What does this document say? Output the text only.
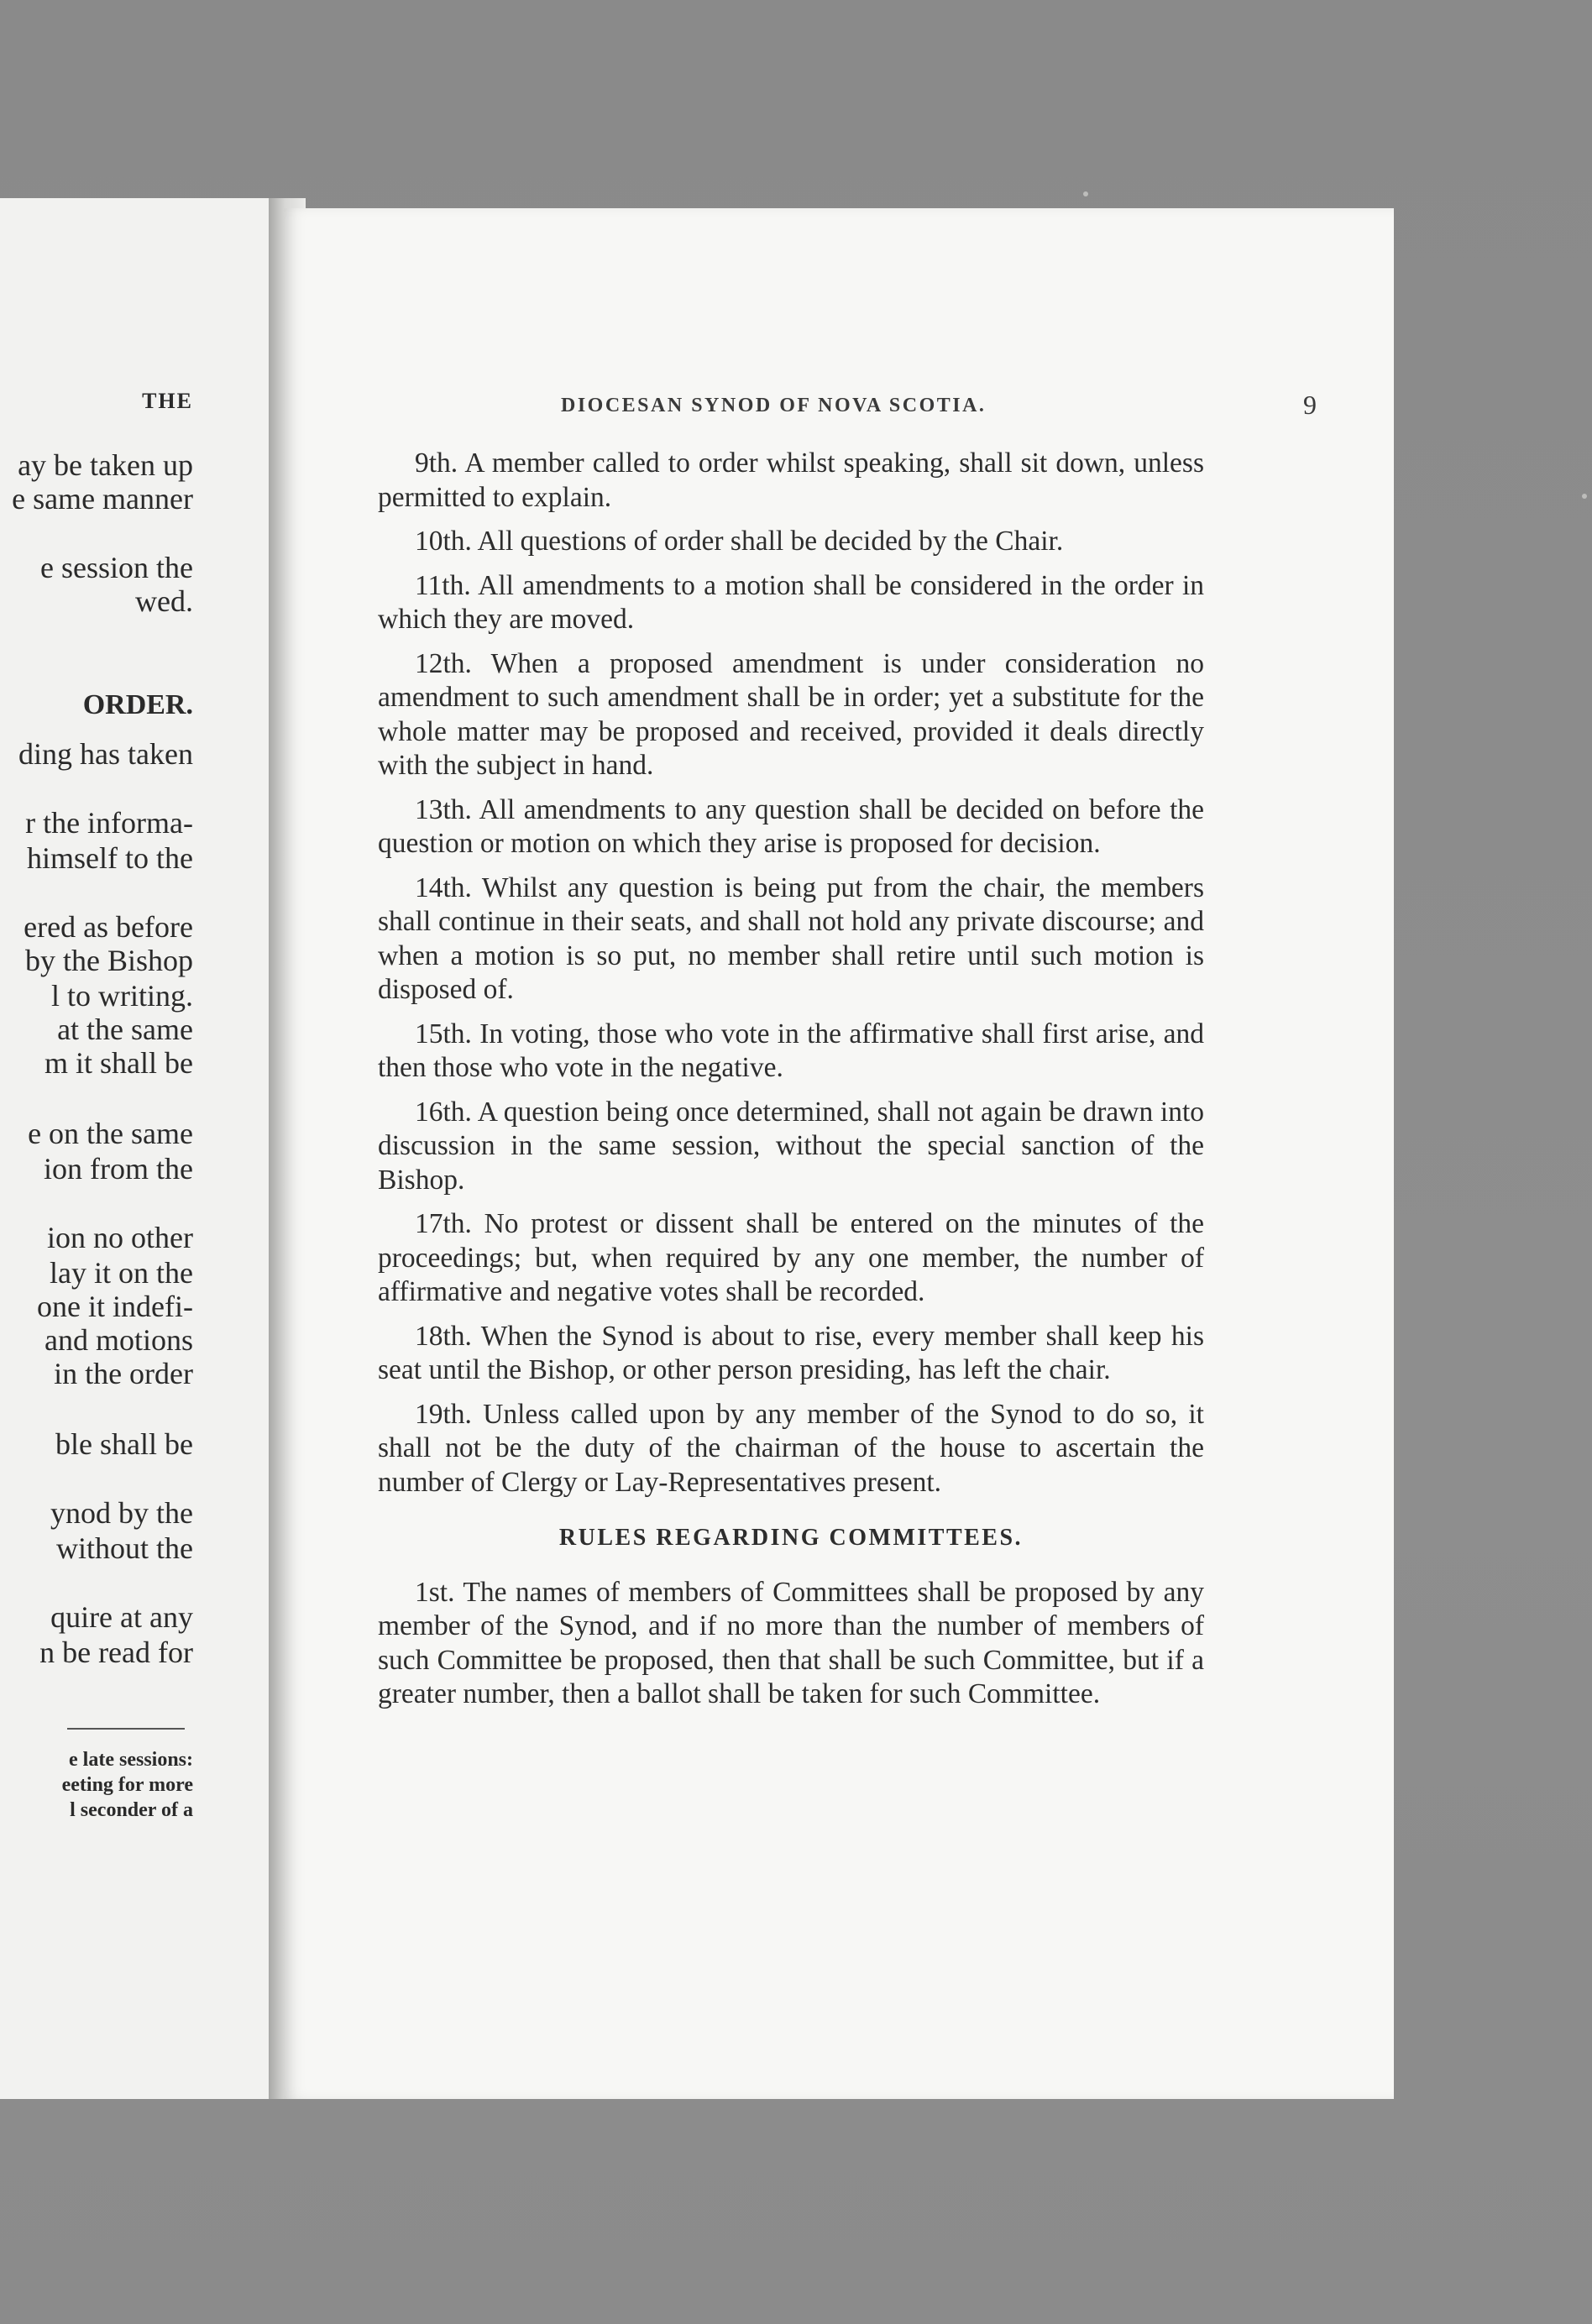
THE
ay be taken up
e same manner
e session the
wed.
ORDER.
ding has taken
r the informa-
himself to the
ered as before
by the Bishop
l to writing.
at the same
m it shall be
e on the same
ion from the
ion no other
lay it on the
one it indefi-
and motions
in the order
ble shall be
ynod by the
without the
quire at any
n be read for
e late sessions:
eeting for more
l seconder of a
DIOCESAN SYNOD OF NOVA SCOTIA.	9

9th. A member called to order whilst speaking, shall sit down, unless permitted to explain.

10th. All questions of order shall be decided by the Chair.

11th. All amendments to a motion shall be considered in the order in which they are moved.

12th. When a proposed amendment is under consideration no amendment to such amendment shall be in order; yet a substitute for the whole matter may be proposed and received, provided it deals directly with the subject in hand.

13th. All amendments to any question shall be decided on before the question or motion on which they arise is proposed for decision.

14th. Whilst any question is being put from the chair, the members shall continue in their seats, and shall not hold any private discourse; and when a motion is so put, no member shall retire until such motion is disposed of.

15th. In voting, those who vote in the affirmative shall first arise, and then those who vote in the negative.

16th. A question being once determined, shall not again be drawn into discussion in the same session, without the special sanction of the Bishop.

17th. No protest or dissent shall be entered on the minutes of the proceedings; but, when required by any one member, the number of affirmative and negative votes shall be recorded.

18th. When the Synod is about to rise, every member shall keep his seat until the Bishop, or other person presiding, has left the chair.

19th. Unless called upon by any member of the Synod to do so, it shall not be the duty of the chairman of the house to ascertain the number of Clergy or Lay-Representatives present.

RULES REGARDING COMMITTEES.

1st. The names of members of Committees shall be proposed by any member of the Synod, and if no more than the number of members of such Committee be proposed, then that shall be such Committee, but if a greater number, then a ballot shall be taken for such Committee.
